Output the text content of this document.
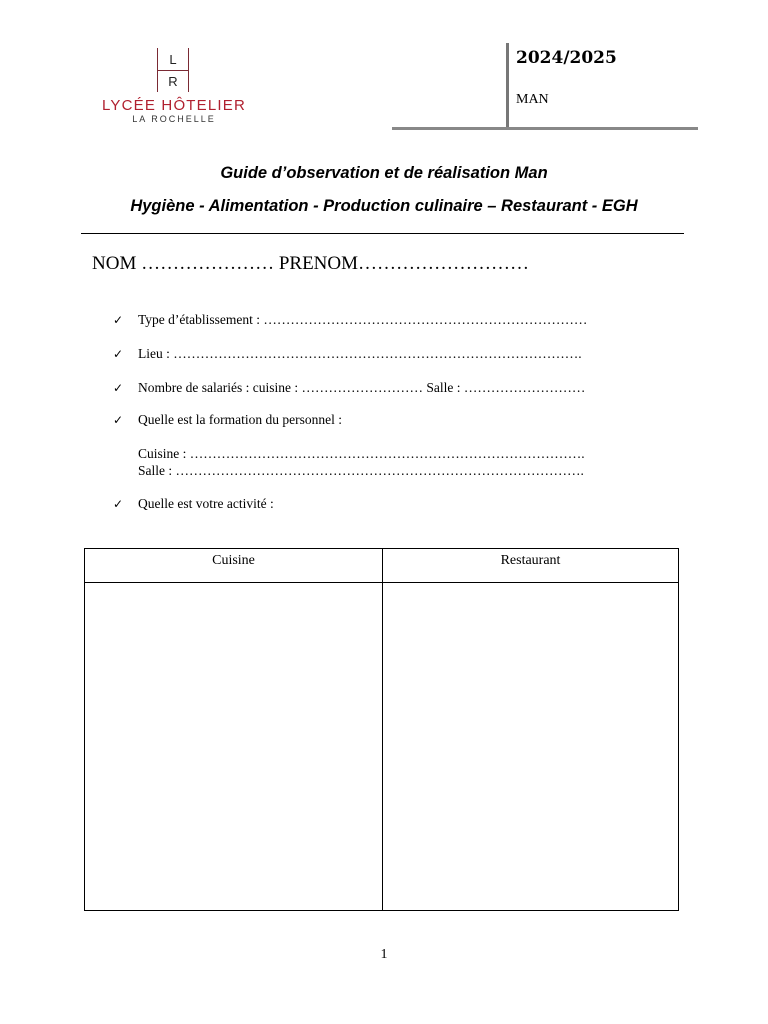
L
R
LYCÉE HÔTELIER
LA ROCHELLE
2024/2025
MAN
Guide d’observation et de réalisation Man
Hygiène - Alimentation - Production culinaire – Restaurant - EGH
NOM ………………… PRENOM………………………
✓ Type d’établissement : ………………………………………………………………
✓ Lieu : ……………………………………………………………………………….
✓ Nombre de salariés : cuisine : ……………………… Salle : ………………………
✓ Quelle est la formation du personnel :
Cuisine : …………………………………………………………………………….
Salle : ……………………………………………………………………………….
✓ Quelle est votre activité :
Cuisine	Restaurant

1
